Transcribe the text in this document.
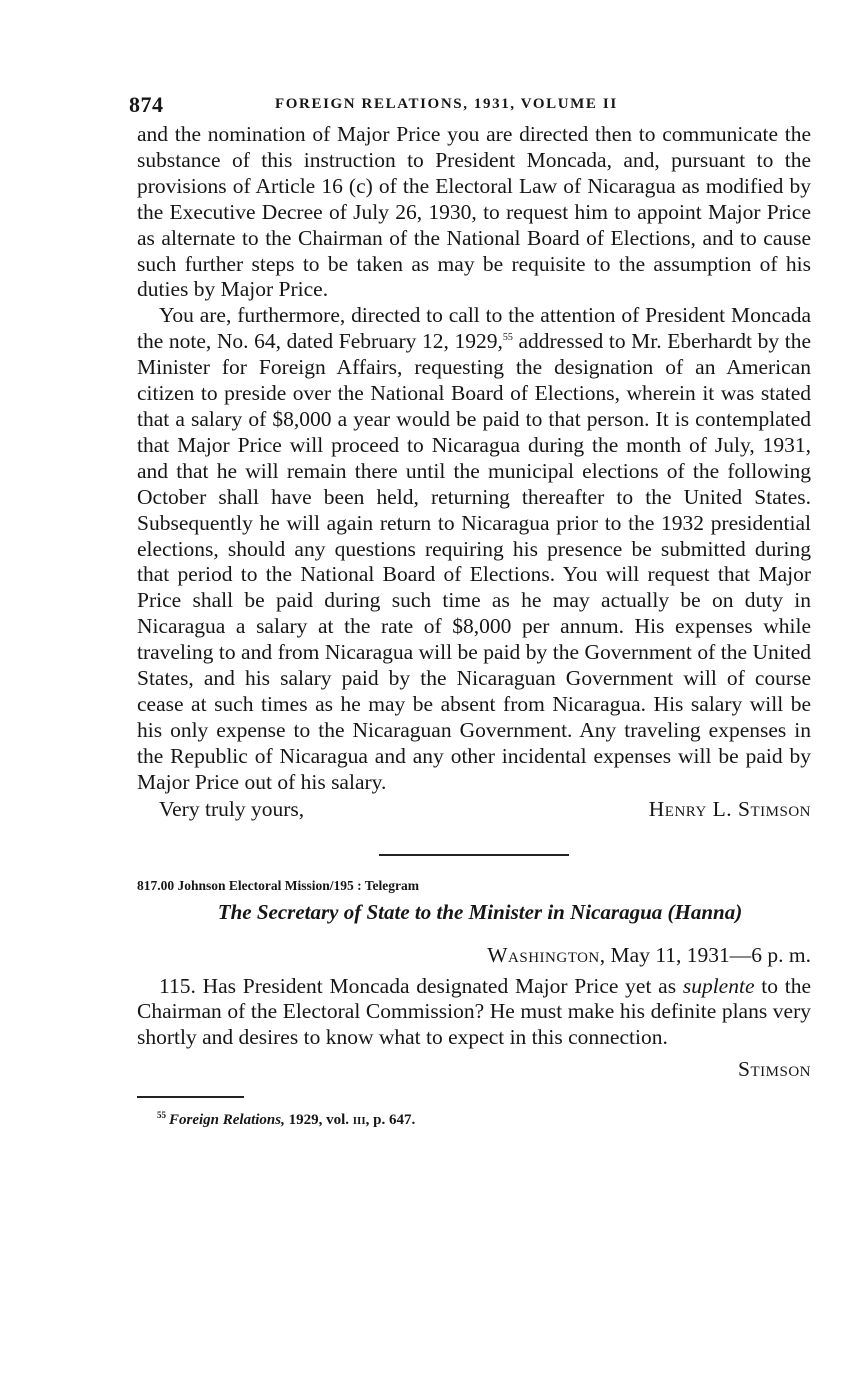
874	FOREIGN RELATIONS, 1931, VOLUME II

and the nomination of Major Price you are directed then to communicate the substance of this instruction to President Moncada, and, pursuant to the provisions of Article 16 (c) of the Electoral Law of Nicaragua as modified by the Executive Decree of July 26, 1930, to request him to appoint Major Price as alternate to the Chairman of the National Board of Elections, and to cause such further steps to be taken as may be requisite to the assumption of his duties by Major Price.

You are, furthermore, directed to call to the attention of President Moncada the note, No. 64, dated February 12, 1929,55 addressed to Mr. Eberhardt by the Minister for Foreign Affairs, requesting the designation of an American citizen to preside over the National Board of Elections, wherein it was stated that a salary of $8,000 a year would be paid to that person. It is contemplated that Major Price will proceed to Nicaragua during the month of July, 1931, and that he will remain there until the municipal elections of the following October shall have been held, returning thereafter to the United States. Subsequently he will again return to Nicaragua prior to the 1932 presidential elections, should any questions requiring his presence be submitted during that period to the National Board of Elections. You will request that Major Price shall be paid during such time as he may actually be on duty in Nicaragua a salary at the rate of $8,000 per annum. His expenses while traveling to and from Nicaragua will be paid by the Government of the United States, and his salary paid by the Nicaraguan Government will of course cease at such times as he may be absent from Nicaragua. His salary will be his only expense to the Nicaraguan Government. Any traveling expenses in the Republic of Nicaragua and any other incidental expenses will be paid by Major Price out of his salary.

Very truly yours,	Henry L. Stimson
817.00 Johnson Electoral Mission/195 : Telegram
The Secretary of State to the Minister in Nicaragua (Hanna)
Washington, May 11, 1931—6 p. m.

115. Has President Moncada designated Major Price yet as suplente to the Chairman of the Electoral Commission? He must make his definite plans very shortly and desires to know what to expect in this connection.

Stimson
$^{55}$ Foreign Relations, 1929, vol. iii, p. 647.
